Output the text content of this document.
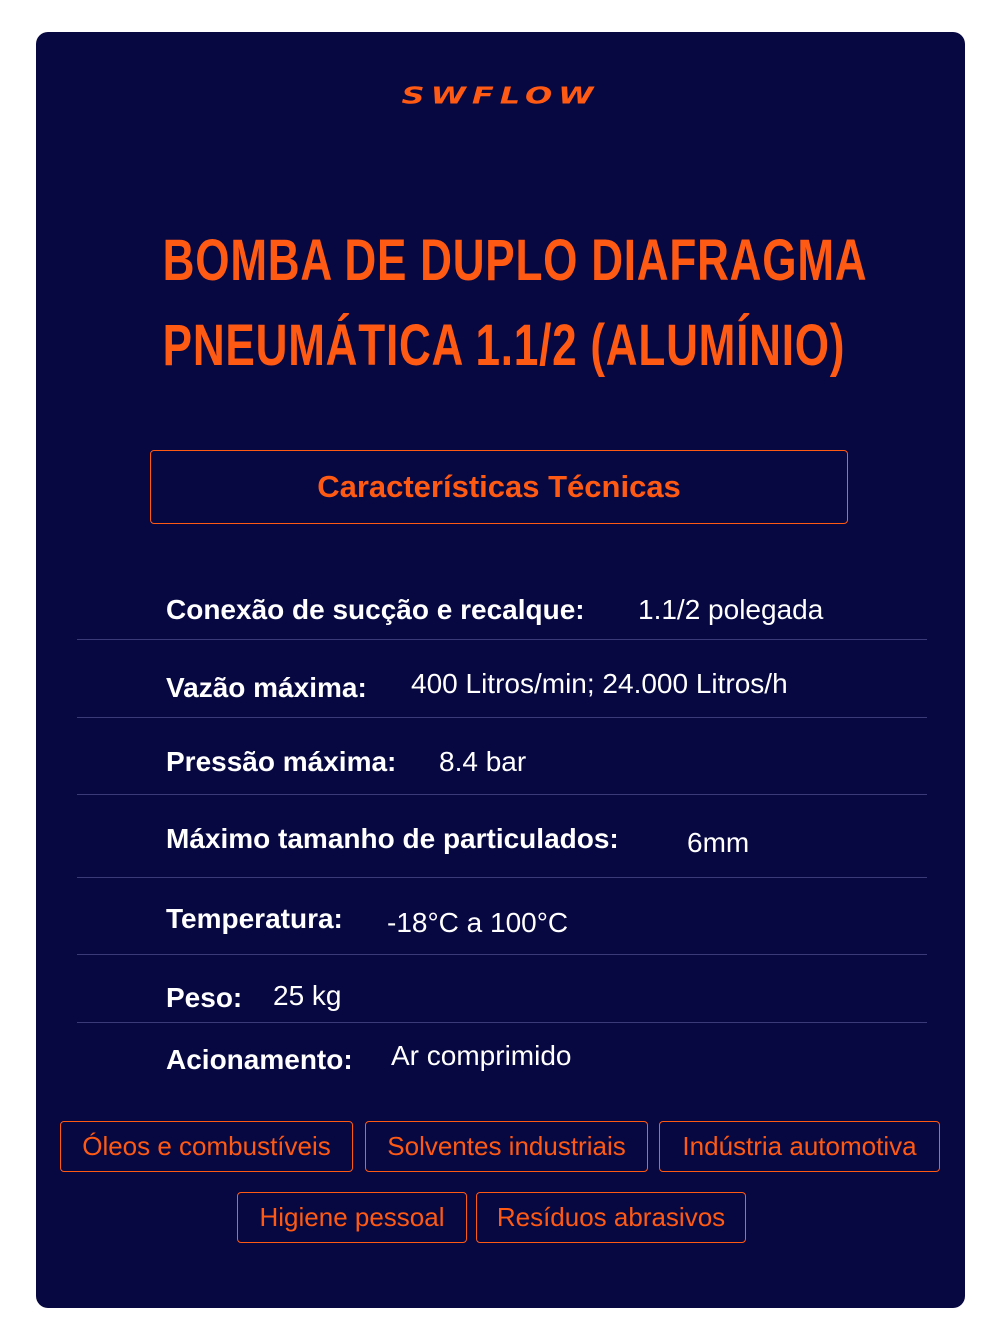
SWFLOW
BOMBA DE DUPLO DIAFRAGMA
PNEUMÁTICA 1.1/2 (ALUMÍNIO)
Características Técnicas
Conexão de sucção e recalque: 1.1/2 polegada
Vazão máxima: 400 Litros/min; 24.000 Litros/h
Pressão máxima: 8.4 bar
Máximo tamanho de particulados: 6mm
Temperatura: -18°C a 100°C
Peso: 25 kg
Acionamento: Ar comprimido
Óleos e combustíveis Solventes industriais Indústria automotiva
Higiene pessoal Resíduos abrasivos
